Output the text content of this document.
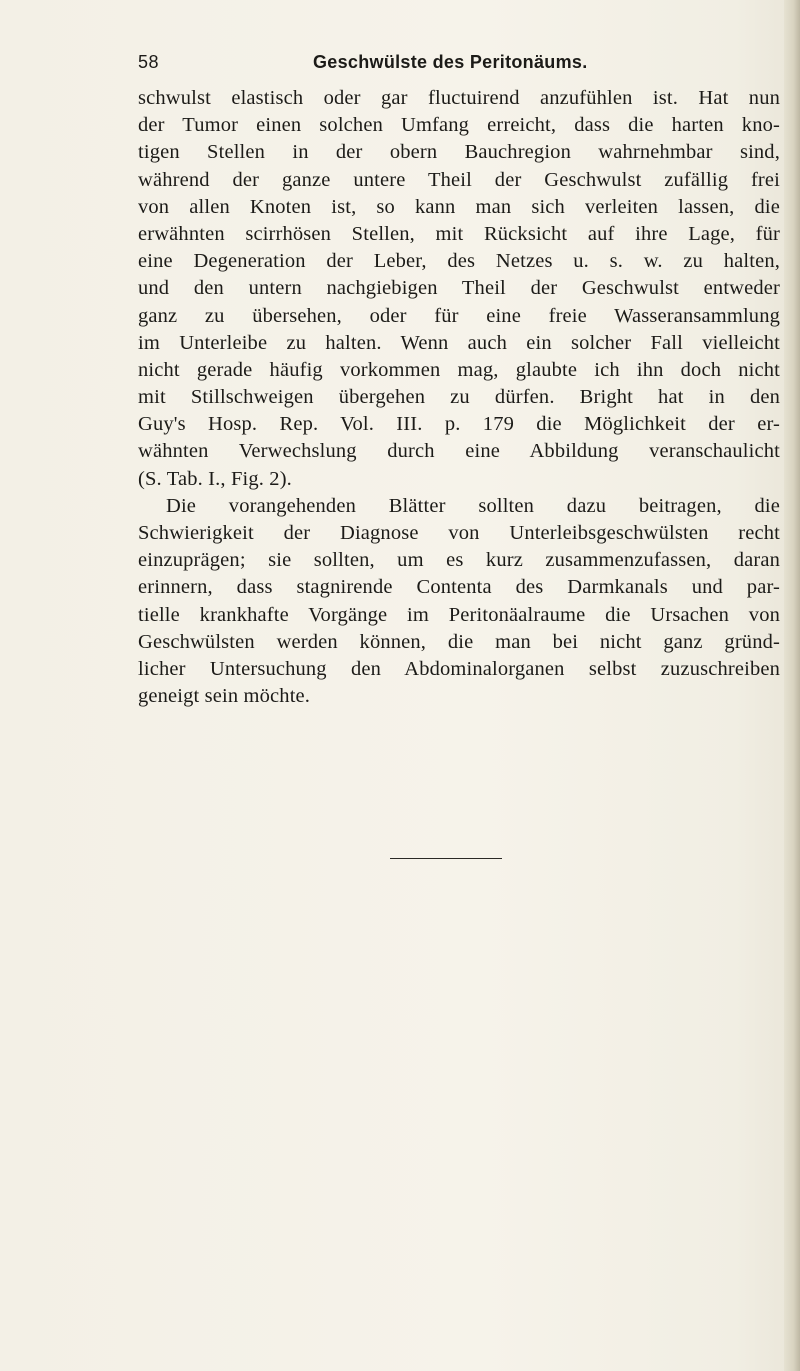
58	Geschwülste des Peritonäums.
schwulst elastisch oder gar fluctuirend anzufühlen ist. Hat nun
der Tumor einen solchen Umfang erreicht, dass die harten kno-
tigen Stellen in der obern Bauchregion wahrnehmbar sind,
während der ganze untere Theil der Geschwulst zufällig frei
von allen Knoten ist, so kann man sich verleiten lassen, die
erwähnten scirrhösen Stellen, mit Rücksicht auf ihre Lage, für
eine Degeneration der Leber, des Netzes u. s. w. zu halten,
und den untern nachgiebigen Theil der Geschwulst entweder
ganz zu übersehen, oder für eine freie Wasseransammlung
im Unterleibe zu halten. Wenn auch ein solcher Fall vielleicht
nicht gerade häufig vorkommen mag, glaubte ich ihn doch nicht
mit Stillschweigen übergehen zu dürfen. Bright hat in den
Guy's Hosp. Rep. Vol. III. p. 179 die Möglichkeit der er-
wähnten Verwechslung durch eine Abbildung veranschaulicht
(S. Tab. I., Fig. 2).
Die vorangehenden Blätter sollten dazu beitragen, die
Schwierigkeit der Diagnose von Unterleibsgeschwülsten recht
einzuprägen; sie sollten, um es kurz zusammenzufassen, daran
erinnern, dass stagnirende Contenta des Darmkanals und par-
tielle krankhafte Vorgänge im Peritonäalraume die Ursachen von
Geschwülsten werden können, die man bei nicht ganz gründ-
licher Untersuchung den Abdominalorganen selbst zuzuschreiben
geneigt sein möchte.
